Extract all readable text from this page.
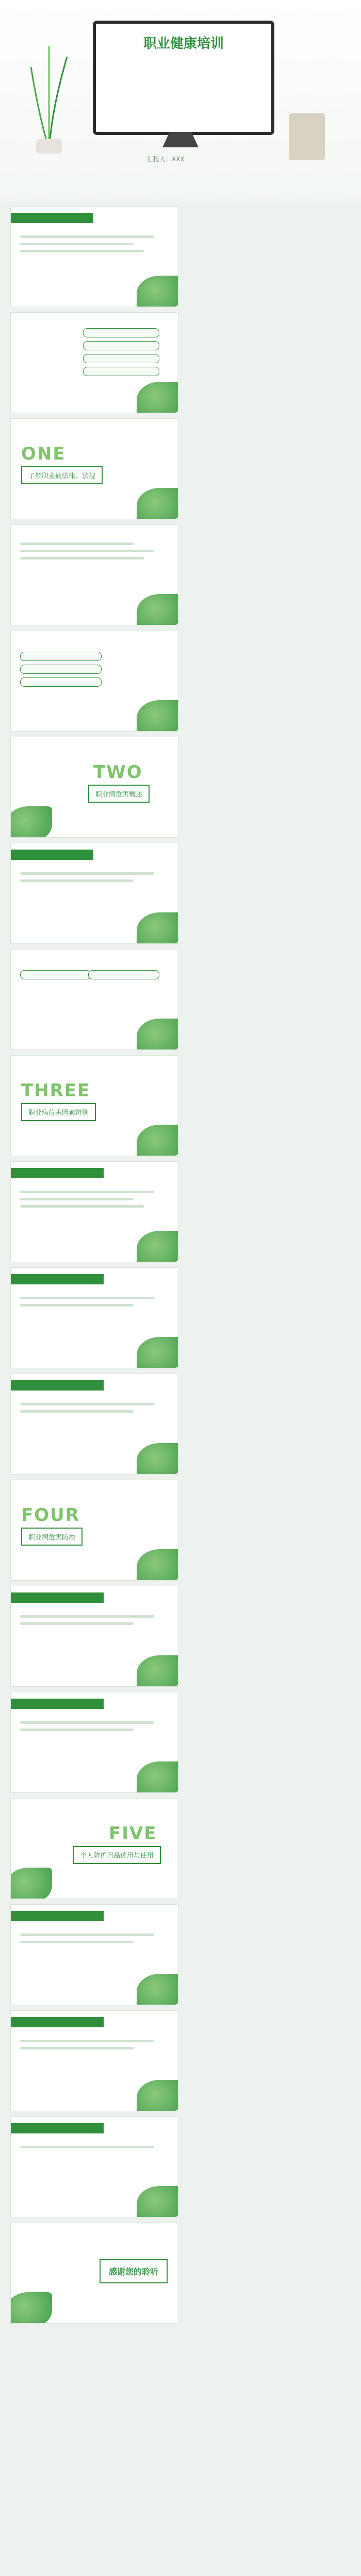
职业健康培训
汇报人：XXX

ONE
了解职业病法律、法规

TWO
职业病危害概述

THREE
职业病危害因素辨别

FOUR
职业病危害防控

FIVE
个人防护用品选用与使用

感谢您的聆听
